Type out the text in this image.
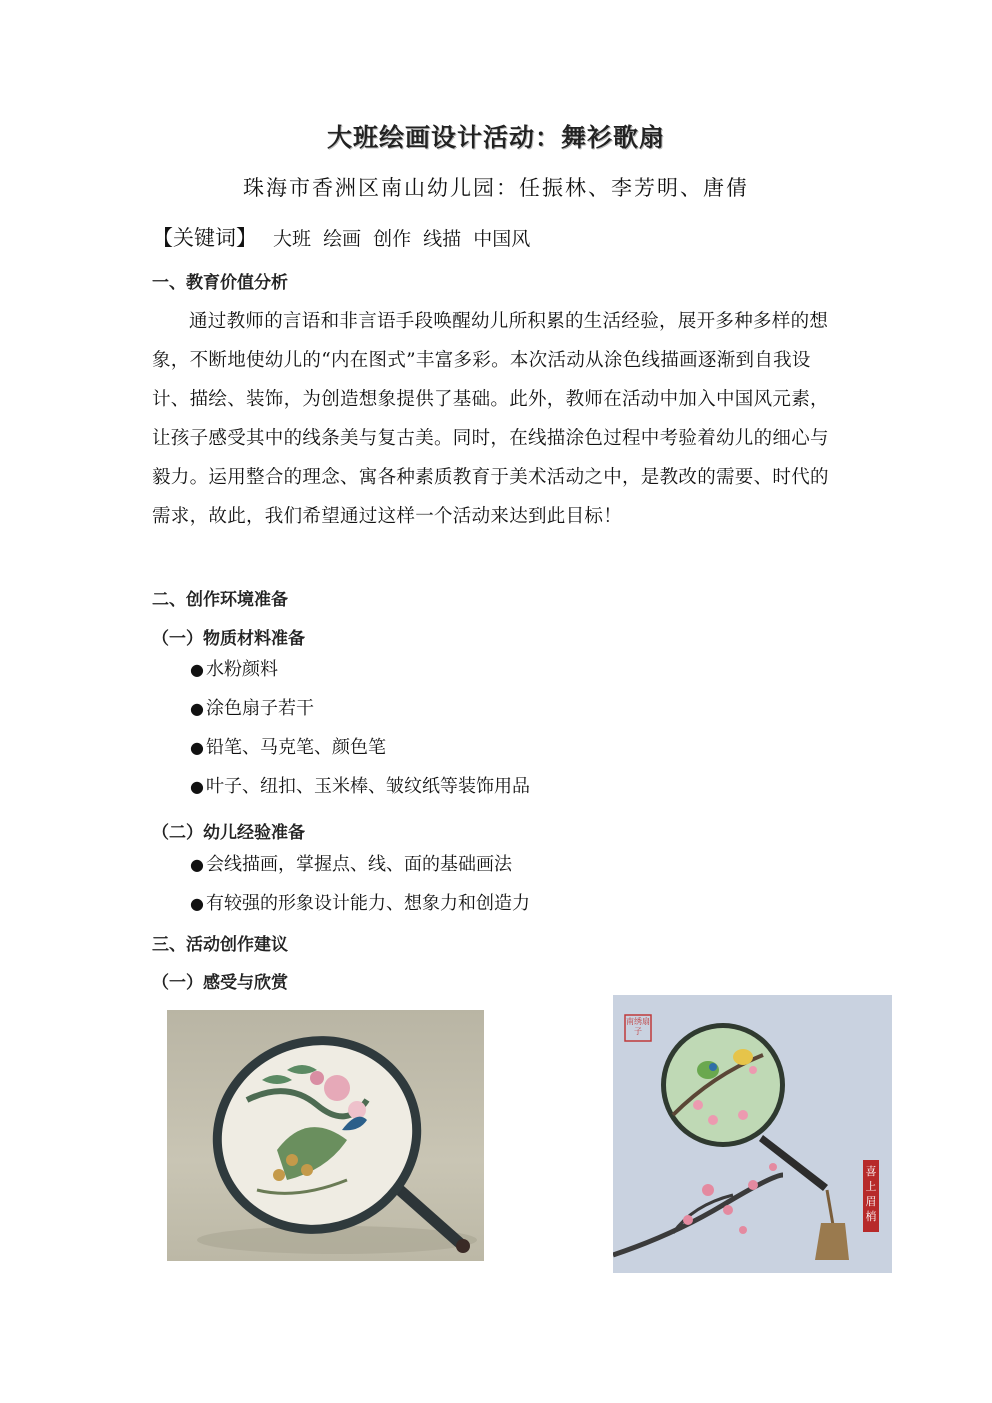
大班绘画设计活动：舞衫歌扇
珠海市香洲区南山幼儿园：任振林、李芳明、唐倩
【关键词】 大班 绘画 创作 线描 中国风
一、教育价值分析
通过教师的言语和非言语手段唤醒幼儿所积累的生活经验，展开多种多样的想象，不断地使幼儿的“内在图式”丰富多彩。本次活动从涂色线描画逐渐到自我设计、描绘、装饰，为创造想象提供了基础。此外，教师在活动中加入中国风元素，让孩子感受其中的线条美与复古美。同时，在线描涂色过程中考验着幼儿的细心与毅力。运用整合的理念、寓各种素质教育于美术活动之中，是教改的需要、时代的需求，故此，我们希望通过这样一个活动来达到此目标！
二、创作环境准备
（一）物质材料准备
● 水粉颜料
● 涂色扇子若干
● 铅笔、马克笔、颜色笔
● 叶子、纽扣、玉米棒、皱纹纸等装饰用品
（二）幼儿经验准备
● 会线描画，掌握点、线、面的基础画法
● 有较强的形象设计能力、想象力和创造力
三、活动创作建议
（一）感受与欣赏
南绣扇子
喜上眉梢
